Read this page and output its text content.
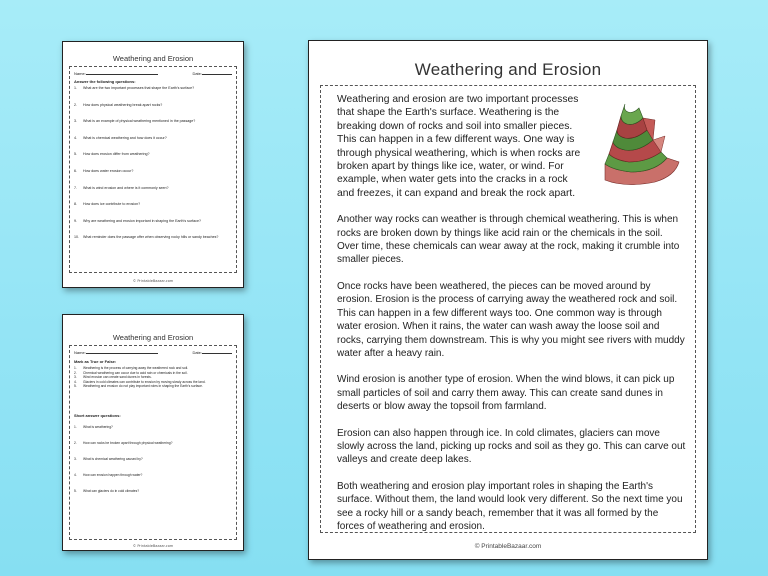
Weathering and Erosion
Name:	Date:
Answer the following questions:
1.	What are the two important processes that shape the Earth's surface?
2.	How does physical weathering break apart rocks?
3.	What is an example of physical weathering mentioned in the passage?
4.	What is chemical weathering and how does it occur?
5.	How does erosion differ from weathering?
6.	How does water erosion occur?
7.	What is wind erosion and where is it commonly seen?
8.	How does ice contribute to erosion?
9.	Why are weathering and erosion important in shaping the Earth's surface?
10.	What reminder does the passage offer when observing rocky hills or sandy beaches?
© PrintableBazaar.com
Weathering and Erosion
Name:	Date:
Mark as True or False:
1.	Weathering is the process of carrying away the weathered rock and soil.
2.	Chemical weathering can occur due to acid rain or chemicals in the soil.
3.	Wind erosion can create sand dunes in forests.
4.	Glaciers in cold climates can contribute to erosion by moving slowly across the land.
5.	Weathering and erosion do not play important roles in shaping the Earth's surface.
Short answer questions:
1.	What is weathering?
2.	How can rocks be broken apart through physical weathering?
3.	What is chemical weathering caused by?
4.	How can erosion happen through water?
5.	What can glaciers do in cold climates?
© PrintableBazaar.com
Weathering and Erosion

Weathering and erosion are two important processes that shape the Earth's surface. Weathering is the breaking down of rocks and soil into smaller pieces. This can happen in a few different ways. One way is through physical weathering, which is when rocks are broken apart by things like ice, water, or wind. For example, when water gets into the cracks in a rock and freezes, it can expand and break the rock apart.

Another way rocks can weather is through chemical weathering. This is when rocks are broken down by things like acid rain or the chemicals in the soil. Over time, these chemicals can wear away at the rock, making it crumble into smaller pieces.

Once rocks have been weathered, the pieces can be moved around by erosion. Erosion is the process of carrying away the weathered rock and soil. This can happen in a few different ways too. One common way is through water erosion. When it rains, the water can wash away the loose soil and rocks, carrying them downstream. This is why you might see rivers with muddy water after a heavy rain.

Wind erosion is another type of erosion. When the wind blows, it can pick up small particles of soil and carry them away. This can create sand dunes in deserts or blow away the topsoil from farmland.

Erosion can also happen through ice. In cold climates, glaciers can move slowly across the land, picking up rocks and soil as they go. This can carve out valleys and create deep lakes.

Both weathering and erosion play important roles in shaping the Earth's surface. Without them, the land would look very different. So the next time you see a rocky hill or a sandy beach, remember that it was all formed by the forces of weathering and erosion.

© PrintableBazaar.com
